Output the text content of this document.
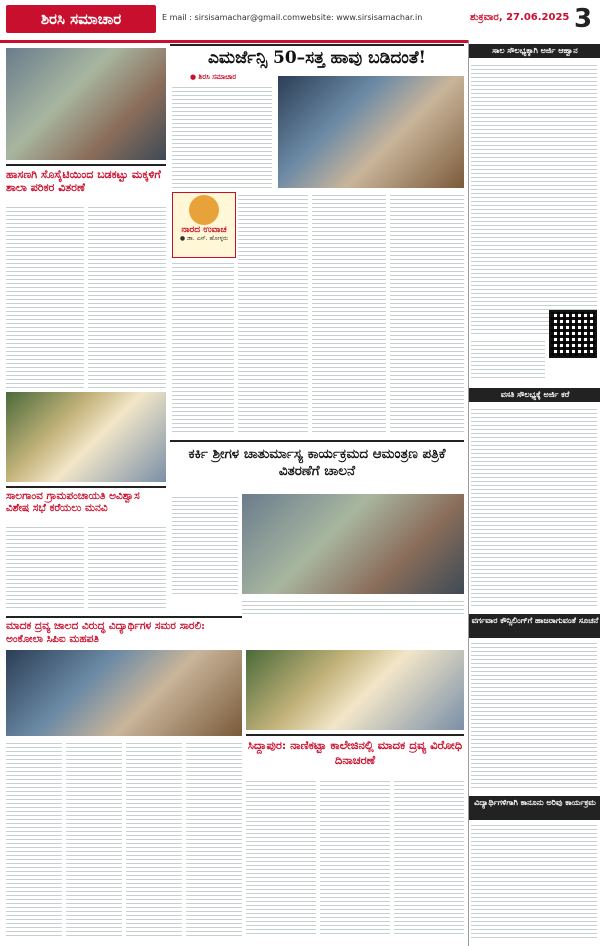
ಶಿರಸಿ ಸಮಾಚಾರ	E mail : sirsisamachar@gmail.com website: www.sirsisamachar.in	ಶುಕ್ರವಾರ, 27.06.2025 3
ಹಾಸಣಗಿ ಸೊಸೈಟಿಯಿಂದ ಬಡಕಟ್ಟು ಮಕ್ಕಳಿಗೆ ಶಾಲಾ ಪರಿಕರ ವಿತರಣೆ
ಎಮರ್ಜೆನ್ಸಿ 50–ಸತ್ತ ಹಾವು ಬಡಿದಂತೆ!
● ಶಿರಸಿ ಸಮಾಚಾರ
ನಾರದ ಉವಾಚ
● ಡಾ. ಎಸ್. ಹೋಳ್ಳರು
ಸಾಲಗಾಂವ ಗ್ರಾಮಪಂಚಾಯತಿ ಅವಿಶ್ವಾಸ ವಿಶೇಷ ಸಭೆ ಕರೆಯಲು ಮನವಿ
ಕರ್ಕಿ ಶ್ರೀಗಳ ಚಾತುರ್ಮಾಸ್ಯ ಕಾರ್ಯಕ್ರಮದ ಆಮಂತ್ರಣ ಪತ್ರಿಕೆ ವಿತರಣೆಗೆ ಚಾಲನೆ
ಮಾದಕ ದ್ರವ್ಯ ಜಾಲದ ವಿರುದ್ಧ ವಿದ್ಯಾರ್ಥಿಗಳ ಸಮರ ಸಾರಲಿ: ಅಂಕೋಲಾ ಸಿಪಿಐ ಮಹಪತಿ
ಸಿದ್ದಾಪುರ: ನಾಣಿಕಟ್ಟಾ ಕಾಲೇಜಿನಲ್ಲಿ ಮಾದಕ ದ್ರವ್ಯ ವಿರೋಧಿ ದಿನಾಚರಣೆ
ಸಾಲ ಸೌಲಭ್ಯಕ್ಕಾಗಿ ಅರ್ಜಿ ಆಹ್ವಾನ
ವಸತಿ ಸೌಲಭ್ಯಕ್ಕೆ ಅರ್ಜಿ ಕರೆ
ವರ್ಗವಾರ ಕೌನ್ಸಿಲಿಂಗ್‌ಗೆ ಹಾಜರಾಗುವಂತೆ ಸೂಚನೆ
ವಿದ್ಯಾರ್ಥಿಗಳಿಗಾಗಿ ಕಾನೂನು ಅರಿವು ಕಾರ್ಯಕ್ರಮ
